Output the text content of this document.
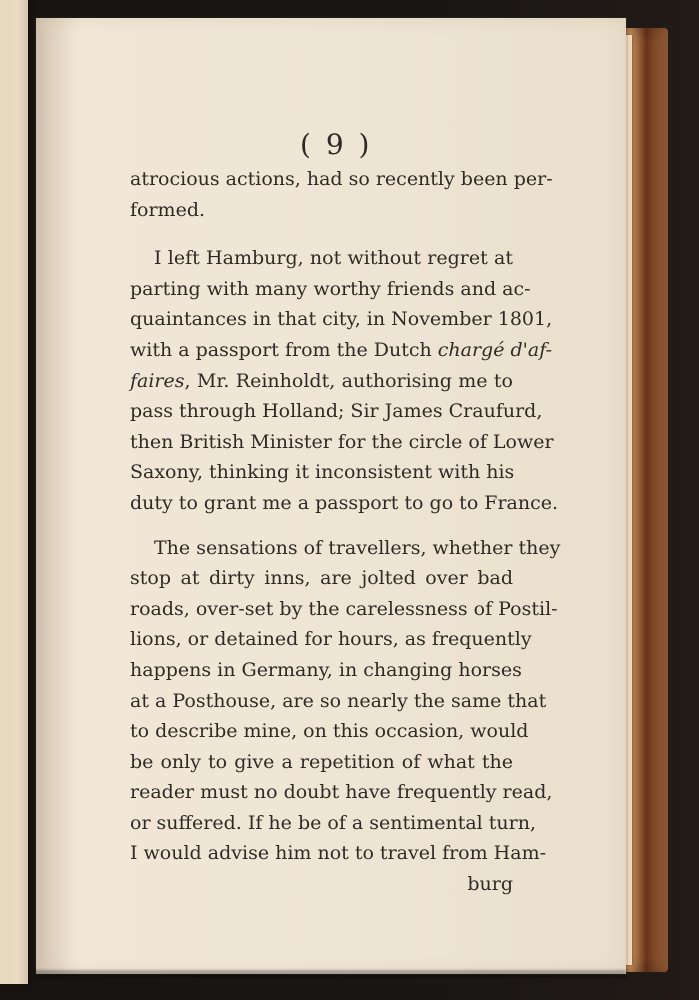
( 9 )
atrocious actions, had so recently been per-
formed.
I left Hamburg, not without regret at
parting with many worthy friends and ac-
quaintances in that city, in November 1801,
with a passport from the Dutch chargé d'af-
faires, Mr. Reinholdt, authorising me to
pass through Holland; Sir James Craufurd,
then British Minister for the circle of Lower
Saxony, thinking it inconsistent with his
duty to grant me a passport to go to France.
The sensations of travellers, whether they
stop at dirty inns, are jolted over bad
roads, over-set by the carelessness of Postil-
lions, or detained for hours, as frequently
happens in Germany, in changing horses
at a Posthouse, are so nearly the same that
to describe mine, on this occasion, would
be only to give a repetition of what the
reader must no doubt have frequently read,
or suffered. If he be of a sentimental turn,
I would advise him not to travel from Ham-
burg
